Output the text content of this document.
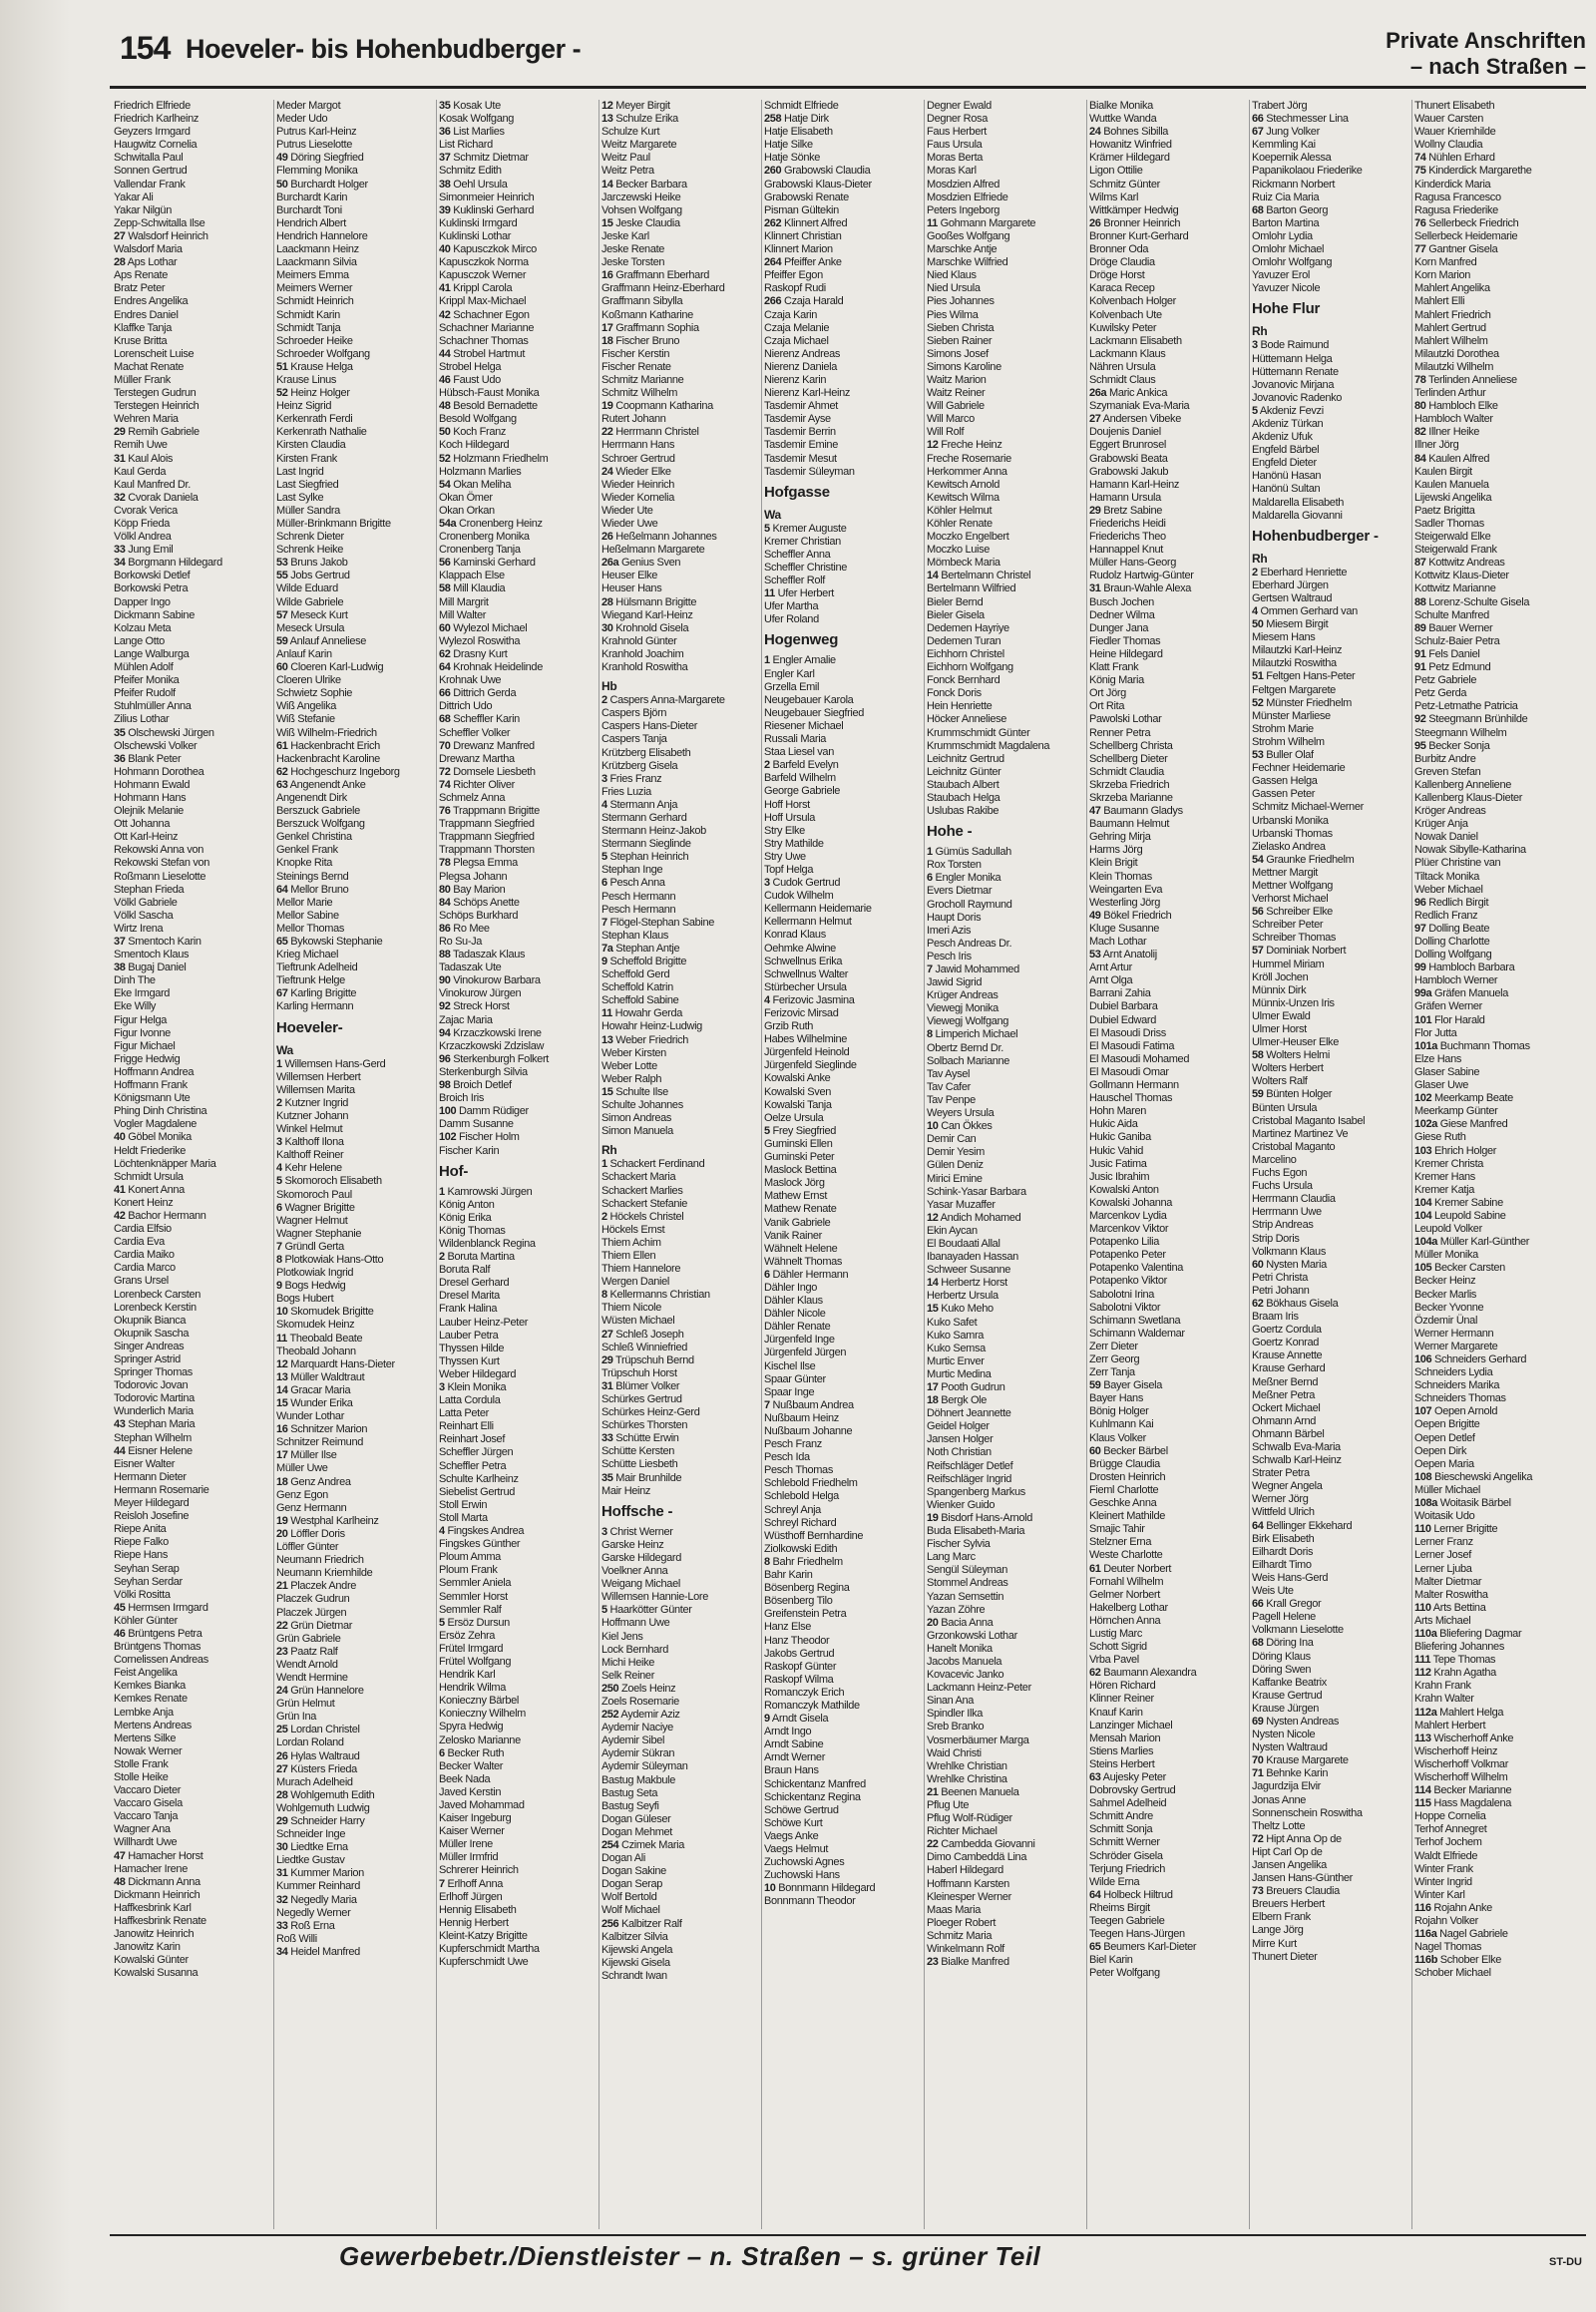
154 Hoeveler- bis Hohenbudberger -	Private Anschriften
– nach Straßen –
Friedrich Elfriede
Friedrich Karlheinz
Geyzers Irmgard
Haugwitz Cornelia
Schwitalla Paul
Sonnen Gertrud
Vallendar Frank
Yakar Ali
Yakar Nilgün
Zepp-Schwitalla Ilse
27 Walsdorf Heinrich
Walsdorf Maria
28 Aps Lothar
Aps Renate
Bratz Peter
Endres Angelika
Endres Daniel
Klaffke Tanja
Kruse Britta
Lorenscheit Luise
Machat Renate
Müller Frank
Terstegen Gudrun
Terstegen Heinrich
Wehren Maria
29 Remih Gabriele
Remih Uwe
31 Kaul Alois
Kaul Gerda
Kaul Manfred Dr.
32 Cvorak Daniela
Cvorak Verica
Köpp Frieda
Völkl Andrea
33 Jung Emil
34 Borgmann Hildegard
Borkowski Detlef
Borkowski Petra
Dapper Ingo
Dickmann Sabine
Kolzau Meta
Lange Otto
Lange Walburga
Mühlen Adolf
Pfeifer Monika
Pfeifer Rudolf
Stuhlmüller Anna
Zilius Lothar
35 Olschewski Jürgen
Olschewski Volker
36 Blank Peter
Hohmann Dorothea
Hohmann Ewald
Hohmann Hans
Olejnik Melanie
Ott Johanna
Ott Karl-Heinz
Rekowski Anna von
Rekowski Stefan von
Roßmann Lieselotte
Stephan Frieda
Völkl Gabriele
Völkl Sascha
Wirtz Irena
37 Smentoch Karin
Smentoch Klaus
38 Bugaj Daniel
Dinh The
Eke Irmgard
Eke Willy
Figur Helga
Figur Ivonne
Figur Michael
Frigge Hedwig
Hoffmann Andrea
Hoffmann Frank
Königsmann Ute
Phing Dinh Christina
Vogler Magdalene
40 Göbel Monika
Heldt Friederike
Löchtenknäpper Maria
Schmidt Ursula
41 Konert Anna
Konert Heinz
42 Bachor Hermann
Cardia Elfsio
Cardia Eva
Cardia Maiko
Cardia Marco
Grans Ursel
Lorenbeck Carsten
Lorenbeck Kerstin
Okupnik Bianca
Okupnik Sascha
Singer Andreas
Springer Astrid
Springer Thomas
Todorovic Jovan
Todorovic Martina
Wunderlich Maria
43 Stephan Maria
Stephan Wilhelm
44 Eisner Helene
Eisner Walter
Hermann Dieter
Hermann Rosemarie
Meyer Hildegard
Reisloh Josefine
Riepe Anita
Riepe Falko
Riepe Hans
Seyhan Serap
Seyhan Serdar
Völki Rositta
45 Hermsen Irmgard
Köhler Günter
46 Brüntgens Petra
Brüntgens Thomas
Cornelissen Andreas
Feist Angelika
Kemkes Bianka
Kemkes Renate
Lembke Anja
Mertens Andreas
Mertens Silke
Nowak Werner
Stolle Frank
Stolle Heike
Vaccaro Dieter
Vaccaro Gisela
Vaccaro Tanja
Wagner Ana
Willhardt Uwe
47 Hamacher Horst
Hamacher Irene
48 Dickmann Anna
Dickmann Heinrich
Haffkesbrink Karl
Haffkesbrink Renate
Janowitz Heinrich
Janowitz Karin
Kowalski Günter
Kowalski Susanna
Meder Margot
Meder Udo
Putrus Karl-Heinz
Putrus Lieselotte
49 Döring Siegfried
Flemming Monika
50 Burchardt Holger
Burchardt Karin
Burchardt Toni
Hendrich Albert
Hendrich Hannelore
Laackmann Heinz
Laackmann Silvia
Meimers Emma
Meimers Werner
Schmidt Heinrich
Schmidt Karin
Schmidt Tanja
Schroeder Heike
Schroeder Wolfgang
51 Krause Helga
Krause Linus
52 Heinz Holger
Heinz Sigrid
Kerkenrath Ferdi
Kerkenrath Nathalie
Kirsten Claudia
Kirsten Frank
Last Ingrid
Last Siegfried
Last Sylke
Müller Sandra
Müller-Brinkmann Brigitte
Schrenk Dieter
Schrenk Heike
53 Bruns Jakob
55 Jobs Gertrud
Wilde Eduard
Wilde Gabriele
57 Meseck Kurt
Meseck Ursula
59 Anlauf Anneliese
Anlauf Karin
60 Cloeren Karl-Ludwig
Cloeren Ulrike
Schwietz Sophie
Wiß Angelika
Wiß Stefanie
Wiß Wilhelm-Friedrich
61 Hackenbracht Erich
Hackenbracht Karoline
62 Hochgeschurz Ingeborg
63 Angenendt Anke
Angenendt Dirk
Berszuck Gabriele
Berszuck Wolfgang
Genkel Christina
Genkel Frank
Knopke Rita
Steinings Bernd
64 Mellor Bruno
Mellor Marie
Mellor Sabine
Mellor Thomas
65 Bykowski Stephanie
Krieg Michael
Tieftrunk Adelheid
Tieftrunk Helge
67 Karling Brigitte
Karling Hermann
Hoeveler-
Wa
1 Willemsen Hans-Gerd
Willemsen Herbert
Willemsen Marita
2 Kutzner Ingrid
Kutzner Johann
Winkel Helmut
3 Kalthoff Ilona
Kalthoff Reiner
4 Kehr Helene
5 Skomoroch Elisabeth
Skomoroch Paul
6 Wagner Brigitte
Wagner Helmut
Wagner Stephanie
7 Gründl Gerta
8 Plotkowiak Hans-Otto
Plotkowiak Ingrid
9 Bogs Hedwig
Bogs Hubert
10 Skomudek Brigitte
Skomudek Heinz
11 Theobald Beate
Theobald Johann
12 Marquardt Hans-Dieter
13 Müller Waldtraut
14 Gracar Maria
15 Wunder Erika
Wunder Lothar
16 Schnitzer Marion
Schnitzer Reimund
17 Müller Ilse
Müller Uwe
18 Genz Andrea
Genz Egon
Genz Hermann
19 Westphal Karlheinz
20 Löffler Doris
Löffler Günter
Neumann Friedrich
Neumann Kriemhilde
21 Placzek Andre
Placzek Gudrun
Placzek Jürgen
22 Grün Dietmar
Grün Gabriele
23 Paatz Ralf
Wendt Arnold
Wendt Hermine
24 Grün Hannelore
Grün Helmut
Grün Ina
25 Lordan Christel
Lordan Roland
26 Hylas Waltraud
27 Küsters Frieda
Murach Adelheid
28 Wohlgemuth Edith
Wohlgemuth Ludwig
29 Schneider Harry
Schneider Inge
30 Liedtke Erna
Liedtke Gustav
31 Kummer Marion
Kummer Reinhard
32 Negedly Maria
Negedly Werner
33 Roß Erna
Roß Willi
34 Heidel Manfred
35 Kosak Ute
Kosak Wolfgang
36 List Marlies
List Richard
37 Schmitz Dietmar
Schmitz Edith
38 Oehl Ursula
Simonmeier Heinrich
39 Kuklinski Gerhard
Kuklinski Irmgard
Kuklinski Lothar
40 Kapusczkok Mirco
Kapusczkok Norma
Kapusczok Werner
41 Krippl Carola
Krippl Max-Michael
42 Schachner Egon
Schachner Marianne
Schachner Thomas
44 Strobel Hartmut
Strobel Helga
46 Faust Udo
Hübsch-Faust Monika
48 Besold Bernadette
Besold Wolfgang
50 Koch Franz
Koch Hildegard
52 Holzmann Friedhelm
Holzmann Marlies
54 Okan Meliha
Okan Ömer
Okan Orkan
54a Cronenberg Heinz
Cronenberg Monika
Cronenberg Tanja
56 Kaminski Gerhard
Klappach Else
58 Mill Klaudia
Mill Margrit
Mill Walter
60 Wylezol Michael
Wylezol Roswitha
62 Drasny Kurt
64 Krohnak Heidelinde
Krohnak Uwe
66 Dittrich Gerda
Dittrich Udo
68 Scheffler Karin
Scheffler Volker
70 Drewanz Manfred
Drewanz Martha
72 Domsele Liesbeth
74 Richter Oliver
Schmelz Anna
76 Trappmann Brigitte
Trappmann Siegfried
Trappmann Siegfried
Trappmann Thorsten
78 Plegsa Emma
Plegsa Johann
80 Bay Marion
84 Schöps Anette
Schöps Burkhard
86 Ro Mee
Ro Su-Ja
88 Tadaszak Klaus
Tadaszak Ute
90 Vinokurow Barbara
Vinokurow Jürgen
92 Streck Horst
Zajac Maria
94 Krzaczkowski Irene
Krzaczkowski Zdzislaw
96 Sterkenburgh Folkert
Sterkenburgh Silvia
98 Broich Detlef
Broich Iris
100 Damm Rüdiger
Damm Susanne
102 Fischer Holm
Fischer Karin
Hof-
1 Kamrowski Jürgen
König Anton
König Erika
König Thomas
Wildenblanck Regina
2 Boruta Martina
Boruta Ralf
Dresel Gerhard
Dresel Marita
Frank Halina
Lauber Heinz-Peter
Lauber Petra
Thyssen Hilde
Thyssen Kurt
Weber Hildegard
3 Klein Monika
Latta Cordula
Latta Peter
Reinhart Elli
Reinhart Josef
Scheffler Jürgen
Scheffler Petra
Schulte Karlheinz
Siebelist Gertrud
Stoll Erwin
Stoll Marta
4 Fingskes Andrea
Fingskes Günther
Ploum Amma
Ploum Frank
Semmler Aniela
Semmler Horst
Semmler Ralf
5 Ersöz Dursun
Ersöz Zehra
Frütel Irmgard
Frütel Wolfgang
Hendrik Karl
Hendrik Wilma
Konieczny Bärbel
Konieczny Wilhelm
Spyra Hedwig
Zelosko Marianne
6 Becker Ruth
Becker Walter
Beek Nada
Javed Kerstin
Javed Mohammad
Kaiser Ingeburg
Kaiser Werner
Müller Irene
Müller Irmfrid
Schrerer Heinrich
7 Erlhoff Anna
Erlhoff Jürgen
Hennig Elisabeth
Hennig Herbert
Kleint-Katzy Brigitte
Kupferschmidt Martha
Kupferschmidt Uwe
12 Meyer Birgit
13 Schulze Erika
Schulze Kurt
Weitz Margarete
Weitz Paul
Weitz Petra
14 Becker Barbara
Jarczewski Heike
Vohsen Wolfgang
15 Jeske Claudia
Jeske Karl
Jeske Renate
Jeske Torsten
16 Graffmann Eberhard
Graffmann Heinz-Eberhard
Graffmann Sibylla
Koßmann Katharine
17 Graffmann Sophia
18 Fischer Bruno
Fischer Kerstin
Fischer Renate
Schmitz Marianne
Schmitz Wilhelm
19 Coopmann Katharina
Rutert Johann
22 Herrmann Christel
Herrmann Hans
Schroer Gertrud
24 Wieder Elke
Wieder Heinrich
Wieder Kornelia
Wieder Ute
Wieder Uwe
26 Heßelmann Johannes
Heßelmann Margarete
26a Genius Sven
Heuser Elke
Heuser Hans
28 Hülsmann Brigitte
Wiegand Karl-Heinz
30 Krohnold Gisela
Krahnold Günter
Kranhold Joachim
Kranhold Roswitha
Hb
2 Caspers Anna-Margarete
Caspers Björn
Caspers Hans-Dieter
Caspers Tanja
Krützberg Elisabeth
Krützberg Gisela
3 Fries Franz
Fries Luzia
4 Stermann Anja
Stermann Gerhard
Stermann Heinz-Jakob
Stermann Sieglinde
5 Stephan Heinrich
Stephan Inge
6 Pesch Anna
Pesch Hermann
Pesch Hermann
7 Flögel-Stephan Sabine
Stephan Klaus
7a Stephan Antje
9 Scheffold Brigitte
Scheffold Gerd
Scheffold Katrin
Scheffold Sabine
11 Howahr Gerda
Howahr Heinz-Ludwig
13 Weber Friedrich
Weber Kirsten
Weber Lotte
Weber Ralph
15 Schulte Ilse
Schulte Johannes
Simon Andreas
Simon Manuela
Rh
1 Schackert Ferdinand
Schackert Maria
Schackert Marlies
Schackert Stefanie
2 Höckels Christel
Höckels Ernst
Thiem Achim
Thiem Ellen
Thiem Hannelore
Wergen Daniel
8 Kellermanns Christian
Thiem Nicole
Wüsten Michael
27 Schleß Joseph
Schleß Winniefried
29 Trüpschuh Bernd
Trüpschuh Horst
31 Blümer Volker
Schürkes Gertrud
Schürkes Heinz-Gerd
Schürkes Thorsten
33 Schütte Erwin
Schütte Kersten
Schütte Liesbeth
35 Mair Brunhilde
Mair Heinz
Hoffsche -
3 Christ Werner
Garske Heinz
Garske Hildegard
Voelkner Anna
Weigang Michael
Willemsen Hannie-Lore
5 Haarkötter Günter
Hoffmann Uwe
Kiel Jens
Lock Bernhard
Michi Heike
Selk Reiner
250 Zoels Heinz
Zoels Rosemarie
252 Aydemir Aziz
Aydemir Naciye
Aydemir Sibel
Aydemir Sükran
Aydemir Süleyman
Bastug Makbule
Bastug Seta
Bastug Seyfi
Dogan Güleser
Dogan Mehmet
254 Czimek Maria
Dogan Ali
Dogan Sakine
Dogan Serap
Wolf Bertold
Wolf Michael
256 Kalbitzer Ralf
Kalbitzer Silvia
Kijewski Angela
Kijewski Gisela
Schrandt Iwan
Schmidt Elfriede
258 Hatje Dirk
Hatje Elisabeth
Hatje Silke
Hatje Sönke
260 Grabowski Claudia
Grabowski Klaus-Dieter
Grabowski Renate
Pisman Gültekin
262 Klinnert Alfred
Klinnert Christian
Klinnert Marion
264 Pfeiffer Anke
Pfeiffer Egon
Raskopf Rudi
266 Czaja Harald
Czaja Karin
Czaja Melanie
Czaja Michael
Nierenz Andreas
Nierenz Daniela
Nierenz Karin
Nierenz Karl-Heinz
Tasdemir Ahmet
Tasdemir Ayse
Tasdemir Berrin
Tasdemir Emine
Tasdemir Mesut
Tasdemir Süleyman
Hofgasse
Wa
5 Kremer Auguste
Kremer Christian
Scheffler Anna
Scheffler Christine
Scheffler Rolf
11 Ufer Herbert
Ufer Martha
Ufer Roland
Hogenweg
1 Engler Amalie
Engler Karl
Grzella Emil
Neugebauer Karola
Neugebauer Siegfried
Riesener Michael
Russali Maria
Staa Liesel van
2 Barfeld Evelyn
Barfeld Wilhelm
George Gabriele
Hoff Horst
Hoff Ursula
Stry Elke
Stry Mathilde
Stry Uwe
Topf Helga
3 Cudok Gertrud
Cudok Wilhelm
Kellermann Heidemarie
Kellermann Helmut
Konrad Klaus
Oehmke Alwine
Schwellnus Erika
Schwellnus Walter
Stürbecher Ursula
4 Ferizovic Jasmina
Ferizovic Mirsad
Grzib Ruth
Habes Wilhelmine
Jürgenfeld Heinold
Jürgenfeld Sieglinde
Kowalski Anke
Kowalski Sven
Kowalski Tanja
Oelze Ursula
5 Frey Siegfried
Guminski Ellen
Guminski Peter
Maslock Bettina
Maslock Jörg
Mathew Ernst
Mathew Renate
Vanik Gabriele
Vanik Rainer
Wähnelt Helene
Wähnelt Thomas
6 Dähler Hermann
Dähler Ingo
Dähler Klaus
Dähler Nicole
Dähler Renate
Jürgenfeld Inge
Jürgenfeld Jürgen
Kischel Ilse
Spaar Günter
Spaar Inge
7 Nußbaum Andrea
Nußbaum Heinz
Nußbaum Johanne
Pesch Franz
Pesch Ida
Pesch Thomas
Schlebold Friedhelm
Schlebold Helga
Schreyl Anja
Schreyl Richard
Wüsthoff Bernhardine
Ziolkowski Edith
8 Bahr Friedhelm
Bahr Karin
Bösenberg Regina
Bösenberg Tilo
Greifenstein Petra
Hanz Else
Hanz Theodor
Jakobs Gertrud
Raskopf Günter
Raskopf Wilma
Romanczyk Erich
Romanczyk Mathilde
9 Arndt Gisela
Arndt Ingo
Arndt Sabine
Arndt Werner
Braun Hans
Schickentanz Manfred
Schickentanz Regina
Schöwe Gertrud
Schöwe Kurt
Vaegs Anke
Vaegs Helmut
Zuchowski Agnes
Zuchowski Hans
10 Bonnmann Hildegard
Bonnmann Theodor
Degner Ewald
Degner Rosa
Faus Herbert
Faus Ursula
Moras Berta
Moras Karl
Mosdzien Alfred
Mosdzien Elfriede
Peters Ingeborg
11 Gohmann Margarete
Gooßes Wolfgang
Marschke Antje
Marschke Wilfried
Nied Klaus
Nied Ursula
Pies Johannes
Pies Wilma
Sieben Christa
Sieben Rainer
Simons Josef
Simons Karoline
Waitz Marion
Waitz Reiner
Will Gabriele
Will Marco
Will Rolf
12 Freche Heinz
Freche Rosemarie
Herkommer Anna
Kewitsch Arnold
Kewitsch Wilma
Köhler Helmut
Köhler Renate
Moczko Engelbert
Moczko Luise
Mömbeck Maria
14 Bertelmann Christel
Bertelmann Wilfried
Bieler Bernd
Bieler Gisela
Dedemen Hayriye
Dedemen Turan
Eichhorn Christel
Eichhorn Wolfgang
Fonck Bernhard
Fonck Doris
Hein Henriette
Höcker Anneliese
Krummschmidt Günter
Krummschmidt Magdalena
Leichnitz Gertrud
Leichnitz Günter
Staubach Albert
Staubach Helga
Uslubas Rakibe
Hohe -
1 Gümüs Sadullah
Rox Torsten
6 Engler Monika
Evers Dietmar
Grocholl Raymund
Haupt Doris
Imeri Azis
Pesch Andreas Dr.
Pesch Iris
7 Jawid Mohammed
Jawid Sigrid
Krüger Andreas
Viewegj Monika
Viewegj Wolfgang
8 Limperich Michael
Obertz Bernd Dr.
Solbach Marianne
Tav Aysel
Tav Cafer
Tav Penpe
Weyers Ursula
10 Can Ökkes
Demir Can
Demir Yesim
Gülen Deniz
Mirici Emine
Schink-Yasar Barbara
Yasar Muzaffer
12 Andich Mohamed
Ekin Aycan
El Boudaati Allal
Ibanayaden Hassan
Schweer Susanne
14 Herbertz Horst
Herbertz Ursula
15 Kuko Meho
Kuko Safet
Kuko Samra
Kuko Semsa
Murtic Enver
Murtic Medina
17 Pooth Gudrun
18 Bergk Ole
Döhnert Jeannette
Geidel Holger
Jansen Holger
Noth Christian
Reifschläger Detlef
Reifschläger Ingrid
Spangenberg Markus
Wienker Guido
19 Bisdorf Hans-Arnold
Buda Elisabeth-Maria
Fischer Sylvia
Lang Marc
Sengül Süleyman
Stommel Andreas
Yazan Semsettin
Yazan Zöhre
20 Bacia Anna
Grzonkowski Lothar
Hanelt Monika
Jacobs Manuela
Kovacevic Janko
Lackmann Heinz-Peter
Sinan Ana
Spindler Ilka
Sreb Branko
Vosmerbäumer Marga
Waid Christi
Wrehlke Christian
Wrehlke Christina
21 Beenen Manuela
Pflug Ute
Pflug Wolf-Rüdiger
Richter Michael
22 Cambedda Giovanni
Dimo Cambeddä Lina
Haberl Hildegard
Hoffmann Karsten
Kleinesper Werner
Maas Maria
Ploeger Robert
Schmitz Maria
Winkelmann Rolf
23 Bialke Manfred
Bialke Monika
Wuttke Wanda
24 Bohnes Sibilla
Howanitz Winfried
Krämer Hildegard
Ligon Ottilie
Schmitz Günter
Wilms Karl
Wittkämper Hedwig
26 Bronner Heinrich
Bronner Kurt-Gerhard
Bronner Oda
Dröge Claudia
Dröge Horst
Karaca Recep
Kolvenbach Holger
Kolvenbach Ute
Kuwilsky Peter
Lackmann Elisabeth
Lackmann Klaus
Nähren Ursula
Schmidt Claus
26a Maric Ankica
Szymaniak Eva-Maria
27 Andersen Vibeke
Doujenis Daniel
Eggert Brunrosel
Grabowski Beata
Grabowski Jakub
Hamann Karl-Heinz
Hamann Ursula
29 Bretz Sabine
Friederichs Heidi
Friederichs Theo
Hannappel Knut
Müller Hans-Georg
Rudolz Hartwig-Günter
31 Braun-Wahle Alexa
Busch Jochen
Dedner Wilma
Dunger Jana
Fiedler Thomas
Heine Hildegard
Klatt Frank
König Maria
Ort Jörg
Ort Rita
Pawolski Lothar
Renner Petra
Schellberg Christa
Schellberg Dieter
Schmidt Claudia
Skrzeba Friedrich
Skrzeba Marianne
47 Baumann Gladys
Baumann Helmut
Gehring Mirja
Harms Jörg
Klein Brigit
Klein Thomas
Weingarten Eva
Westerling Jörg
49 Bökel Friedrich
Kluge Susanne
Mach Lothar
53 Arnt Anatolij
Arnt Artur
Arnt Olga
Barrani Zahia
Dubiel Barbara
Dubiel Edward
El Masoudi Driss
El Masoudi Fatima
El Masoudi Mohamed
El Masoudi Omar
Gollmann Hermann
Hauschel Thomas
Hohn Maren
Hukic Aida
Hukic Ganiba
Hukic Vahid
Jusic Fatima
Jusic Ibrahim
Kowalski Anton
Kowalski Johanna
Marcenkov Lydia
Marcenkov Viktor
Potapenko Lilia
Potapenko Peter
Potapenko Valentina
Potapenko Viktor
Sabolotni Irina
Sabolotni Viktor
Schimann Swetlana
Schimann Waldemar
Zerr Dieter
Zerr Georg
Zerr Tanja
59 Bayer Gisela
Bayer Hans
Bönig Holger
Kuhlmann Kai
Klaus Volker
60 Becker Bärbel
Brügge Claudia
Drosten Heinrich
Fieml Charlotte
Geschke Anna
Kleinert Mathilde
Smajic Tahir
Stelzner Erna
Weste Charlotte
61 Deuter Norbert
Fornahl Wilhelm
Gelmer Norbert
Hakelberg Lothar
Hörnchen Anna
Lustig Marc
Schott Sigrid
Vrba Pavel
62 Baumann Alexandra
Hören Richard
Klinner Reiner
Knauf Karin
Lanzinger Michael
Mensah Marion
Stiens Marlies
Steins Herbert
63 Aujesky Peter
Dobrovsky Gertrud
Sahmel Adelheid
Schmitt Andre
Schmitt Sonja
Schmitt Werner
Schröder Gisela
Terjung Friedrich
Wilde Erna
64 Holbeck Hiltrud
Rheims Birgit
Teegen Gabriele
Teegen Hans-Jürgen
65 Beumers Karl-Dieter
Biel Karin
Peter Wolfgang
Trabert Jörg
66 Stechmesser Lina
67 Jung Volker
Kemmling Kai
Koepernik Alessa
Papanikolaou Friederike
Rickmann Norbert
Ruiz Cia Maria
68 Barton Georg
Barton Martina
Omlohr Lydia
Omlohr Michael
Omlohr Wolfgang
Yavuzer Erol
Yavuzer Nicole
Hohe Flur
Rh
3 Bode Raimund
Hüttemann Helga
Hüttemann Renate
Jovanovic Mirjana
Jovanovic Radenko
5 Akdeniz Fevzi
Akdeniz Türkan
Akdeniz Ufuk
Engfeld Bärbel
Engfeld Dieter
Hanönü Hasan
Hanönü Sultan
Maldarella Elisabeth
Maldarella Giovanni
Hohenbudberger -
Rh
2 Eberhard Henriette
Eberhard Jürgen
Gertsen Waltraud
4 Ommen Gerhard van
50 Miesem Birgit
Miesem Hans
Milautzki Karl-Heinz
Milautzki Roswitha
51 Feltgen Hans-Peter
Feltgen Margarete
52 Münster Friedhelm
Münster Marliese
Strohm Marie
Strohm Wilhelm
53 Buller Olaf
Fechner Heidemarie
Gassen Helga
Gassen Peter
Schmitz Michael-Werner
Urbanski Monika
Urbanski Thomas
Zielasko Andrea
54 Graunke Friedhelm
Mettner Margit
Mettner Wolfgang
Verhorst Michael
56 Schreiber Elke
Schreiber Peter
Schreiber Thomas
57 Dominiak Norbert
Hummel Miriam
Kröll Jochen
Münnix Dirk
Münnix-Unzen Iris
Ulmer Ewald
Ulmer Horst
Ulmer-Heuser Elke
58 Wolters Helmi
Wolters Herbert
Wolters Ralf
59 Bünten Holger
Bünten Ursula
Cristobal Maganto Isabel
Martinez Martinez Ve
Cristobal Maganto
Marcelino
Fuchs Egon
Fuchs Ursula
Herrmann Claudia
Herrmann Uwe
Strip Andreas
Strip Doris
Volkmann Klaus
60 Nysten Maria
Petri Christa
Petri Johann
62 Bökhaus Gisela
Braam Iris
Goertz Cordula
Goertz Konrad
Krause Annette
Krause Gerhard
Meßner Bernd
Meßner Petra
Ockert Michael
Ohmann Arnd
Ohmann Bärbel
Schwalb Eva-Maria
Schwalb Karl-Heinz
Strater Petra
Wegner Angela
Werner Jörg
Wittfeld Ulrich
64 Bellinger Ekkehard
Birk Elisabeth
Eilhardt Doris
Eilhardt Timo
Weis Hans-Gerd
Weis Ute
66 Krall Gregor
Pagell Helene
Volkmann Lieselotte
68 Döring Ina
Döring Klaus
Döring Swen
Kaffanke Beatrix
Krause Gertrud
Krause Jürgen
69 Nysten Andreas
Nysten Nicole
Nysten Waltraud
70 Krause Margarete
71 Behnke Karin
Jagurdzija Elvir
Jonas Anne
Sonnenschein Roswitha
Theltz Lotte
72 Hipt Anna Op de
Hipt Carl Op de
Jansen Angelika
Jansen Hans-Günther
73 Breuers Claudia
Breuers Herbert
Elbern Frank
Lange Jörg
Mirre Kurt
Thunert Dieter
Thunert Elisabeth
Wauer Carsten
Wauer Kriemhilde
Wollny Claudia
74 Nühlen Erhard
75 Kinderdick Margarethe
Kinderdick Maria
Ragusa Francesco
Ragusa Friederike
76 Sellerbeck Friedrich
Sellerbeck Heidemarie
77 Gantner Gisela
Korn Manfred
Korn Marion
Mahlert Angelika
Mahlert Elli
Mahlert Friedrich
Mahlert Gertrud
Mahlert Wilhelm
Milautzki Dorothea
Milautzki Wilhelm
78 Terlinden Anneliese
Terlinden Arthur
80 Hambloch Elke
Hambloch Walter
82 Illner Heike
Illner Jörg
84 Kaulen Alfred
Kaulen Birgit
Kaulen Manuela
Lijewski Angelika
Paetz Brigitta
Sadler Thomas
Steigerwald Elke
Steigerwald Frank
87 Kottwitz Andreas
Kottwitz Klaus-Dieter
Kottwitz Marianne
88 Lorenz-Schulte Gisela
Schulte Manfred
89 Bauer Werner
Schulz-Baier Petra
91 Fels Daniel
91 Petz Edmund
Petz Gabriele
Petz Gerda
Petz-Letmathe Patricia
92 Steegmann Brünhilde
Steegmann Wilhelm
95 Becker Sonja
Burbitz Andre
Greven Stefan
Kallenberg Anneliene
Kallenberg Klaus-Dieter
Kröger Andreas
Krüger Anja
Nowak Daniel
Nowak Sibylle-Katharina
Plüer Christine van
Tiltack Monika
Weber Michael
96 Redlich Birgit
Redlich Franz
97 Dolling Beate
Dolling Charlotte
Dolling Wolfgang
99 Hambloch Barbara
Hambloch Werner
99a Gräfen Manuela
Gräfen Werner
101 Flor Harald
Flor Jutta
101a Buchmann Thomas
Elze Hans
Glaser Sabine
Glaser Uwe
102 Meerkamp Beate
Meerkamp Günter
102a Giese Manfred
Giese Ruth
103 Ehrich Holger
Kremer Christa
Kremer Hans
Kremer Katja
104 Kremer Sabine
104 Leupold Sabine
Leupold Volker
104a Müller Karl-Günther
Müller Monika
105 Becker Carsten
Becker Heinz
Becker Marlis
Becker Yvonne
Özdemir Ünal
Werner Hermann
Werner Margarete
106 Schneiders Gerhard
Schneiders Lydia
Schneiders Marika
Schneiders Thomas
107 Oepen Arnold
Oepen Brigitte
Oepen Detlef
Oepen Dirk
Oepen Maria
108 Bieschewski Angelika
Müller Michael
108a Woitasik Bärbel
Woitasik Udo
110 Lerner Brigitte
Lerner Franz
Lerner Josef
Lerner Ljuba
Malter Dietmar
Malter Roswitha
110 Arts Bettina
Arts Michael
110a Bliefering Dagmar
Bliefering Johannes
111 Tepe Thomas
112 Krahn Agatha
Krahn Frank
Krahn Walter
112a Mahlert Helga
Mahlert Herbert
113 Wischerhoff Anke
Wischerhoff Heinz
Wischerhoff Volkmar
Wischerhoff Wilhelm
114 Becker Marianne
115 Hass Magdalena
Hoppe Cornelia
Terhof Annegret
Terhof Jochem
Waldt Elfriede
Winter Frank
Winter Ingrid
Winter Karl
116 Rojahn Anke
Rojahn Volker
116a Nagel Gabriele
Nagel Thomas
116b Schober Elke
Schober Michael
Gewerbebetr./Dienstleister – n. Straßen – s. grüner Teil	ST-DU
